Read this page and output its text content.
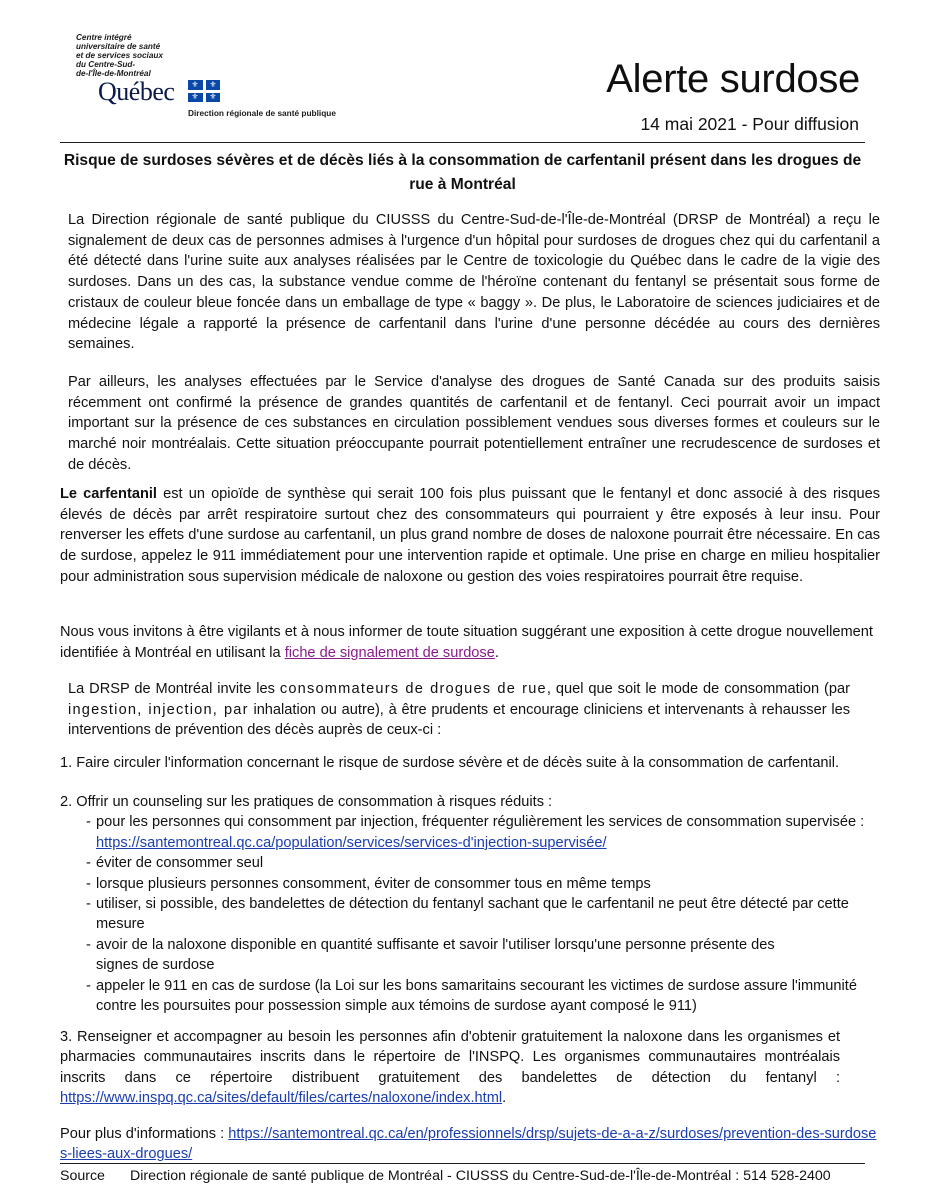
Centre intégré
universitaire de santé
et de services sociaux
du Centre-Sud-
de-l'Île-de-Montréal
Québec	⚜	⚜
⚜	⚜
Direction régionale de santé publique
Alerte surdose
14 mai 2021 - Pour diffusion
Risque de surdoses sévères et de décès liés à la consommation de carfentanil présent dans les drogues de rue à Montréal
La Direction régionale de santé publique du CIUSSS du Centre-Sud-de-l'Île-de-Montréal (DRSP de Montréal) a reçu le signalement de deux cas de personnes admises à l'urgence d'un hôpital pour surdoses de drogues chez qui du carfentanil a été détecté dans l'urine suite aux analyses réalisées par le Centre de toxicologie du Québec dans le cadre de la vigie des surdoses. Dans un des cas, la substance vendue comme de l'héroïne contenant du fentanyl se présentait sous forme de cristaux de couleur bleue foncée dans un emballage de type « baggy ». De plus, le Laboratoire de sciences judiciaires et de médecine légale a rapporté la présence de carfentanil dans l'urine d'une personne décédée au cours des dernières semaines.
Par ailleurs, les analyses effectuées par le Service d'analyse des drogues de Santé Canada sur des produits saisis récemment ont confirmé la présence de grandes quantités de carfentanil et de fentanyl. Ceci pourrait avoir un impact important sur la présence de ces substances en circulation possiblement vendues sous diverses formes et couleurs sur le marché noir montréalais. Cette situation préoccupante pourrait potentiellement entraîner une recrudescence de surdoses et de décès.
Le carfentanil est un opioïde de synthèse qui serait 100 fois plus puissant que le fentanyl et donc associé à des risques élevés de décès par arrêt respiratoire surtout chez des consommateurs qui pourraient y être exposés à leur insu. Pour renverser les effets d'une surdose au carfentanil, un plus grand nombre de doses de naloxone pourrait être nécessaire. En cas de surdose, appelez le 911 immédiatement pour une intervention rapide et optimale. Une prise en charge en milieu hospitalier pour administration sous supervision médicale de naloxone ou gestion des voies respiratoires pourrait être requise.
Nous vous invitons à être vigilants et à nous informer de toute situation suggérant une exposition à cette drogue nouvellement identifiée à Montréal en utilisant la fiche de signalement de surdose.
La DRSP de Montréal invite les consommateurs de drogues de rue, quel que soit le mode de consommation (par ingestion, injection, par inhalation ou autre), à être prudents et encourage cliniciens et intervenants à rehausser les interventions de prévention des décès auprès de ceux-ci :
1. Faire circuler l'information concernant le risque de surdose sévère et de décès suite à la consommation de carfentanil.
2. Offrir un counseling sur les pratiques de consommation à risques réduits :
- pour les personnes qui consomment par injection, fréquenter régulièrement les services de consommation supervisée : https://santemontreal.qc.ca/population/services/services-d'injection-supervisée/
- éviter de consommer seul
- lorsque plusieurs personnes consomment, éviter de consommer tous en même temps
- utiliser, si possible, des bandelettes de détection du fentanyl sachant que le carfentanil ne peut être détecté par cette mesure
- avoir de la naloxone disponible en quantité suffisante et savoir l'utiliser lorsqu'une personne présente des signes de surdose
- appeler le 911 en cas de surdose (la Loi sur les bons samaritains secourant les victimes de surdose assure l'immunité contre les poursuites pour possession simple aux témoins de surdose ayant composé le 911)
3. Renseigner et accompagner au besoin les personnes afin d'obtenir gratuitement la naloxone dans les organismes et pharmacies communautaires inscrits dans le répertoire de l'INSPQ. Les organismes communautaires montréalais inscrits dans ce répertoire distribuent gratuitement des bandelettes de détection du fentanyl : https://www.inspq.qc.ca/sites/default/files/cartes/naloxone/index.html.
Pour plus d'informations : https://santemontreal.qc.ca/en/professionnels/drsp/sujets-de-a-a-z/surdoses/prevention-des-surdoses-liees-aux-drogues/
Source Direction régionale de santé publique de Montréal - CIUSSS du Centre-Sud-de-l'Île-de-Montréal : 514 528-2400
